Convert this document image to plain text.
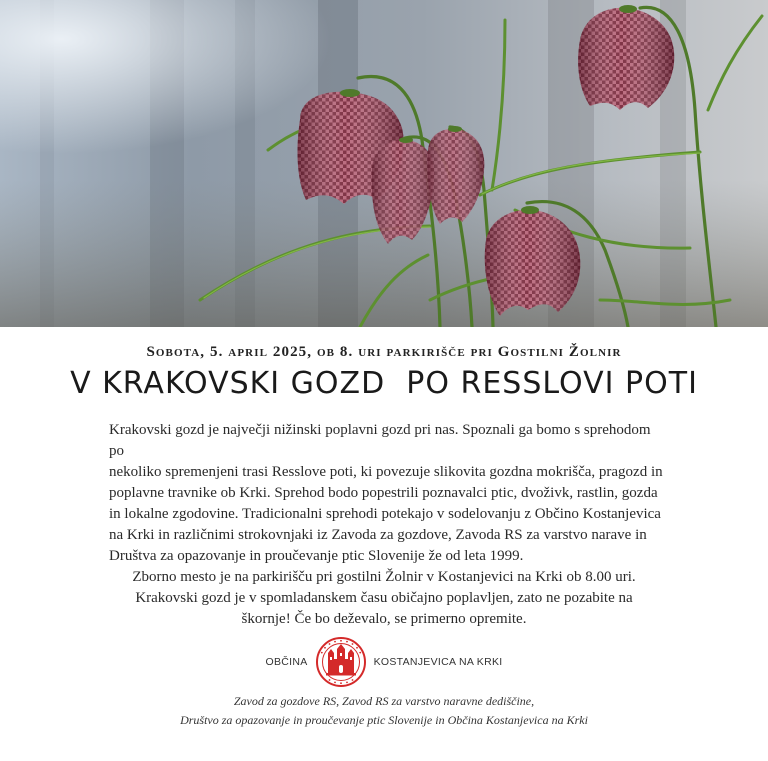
Sobota, 5. april 2025, ob 8. uri parkirišče pri Gostilni Žolnir
V KRAKOVSKI GOZD  PO RESSLOVI POTI
Krakovski gozd je največji nižinski poplavni gozd pri nas. Spoznali ga bomo s sprehodom po
nekoliko spremenjeni trasi Resslove poti, ki povezuje slikovita gozdna mokrišča, pragozd in
poplavne travnike ob Krki. Sprehod bodo popestrili poznavalci ptic, dvoživk, rastlin, gozda
in lokalne zgodovine. Tradicionalni sprehodi potekajo v sodelovanju z Občino Kostanjevica
na Krki in različnimi strokovnjaki iz Zavoda za gozdove, Zavoda RS za varstvo narave in
Društva za opazovanje in proučevanje ptic Slovenije že od leta 1999.
Zborno mesto je na parkirišču pri gostilni Žolnir v Kostanjevici na Krki ob 8.00 uri.
Krakovski gozd je v spomladanskem času običajno poplavljen, zato ne pozabite na
škornje! Če bo deževalo, se primerno opremite.
OBČINA	KOSTANJEVICA NA KRKI
Zavod za gozdove RS, Zavod RS za varstvo naravne dediščine,
Društvo za opazovanje in proučevanje ptic Slovenije in Občina Kostanjevica na Krki
